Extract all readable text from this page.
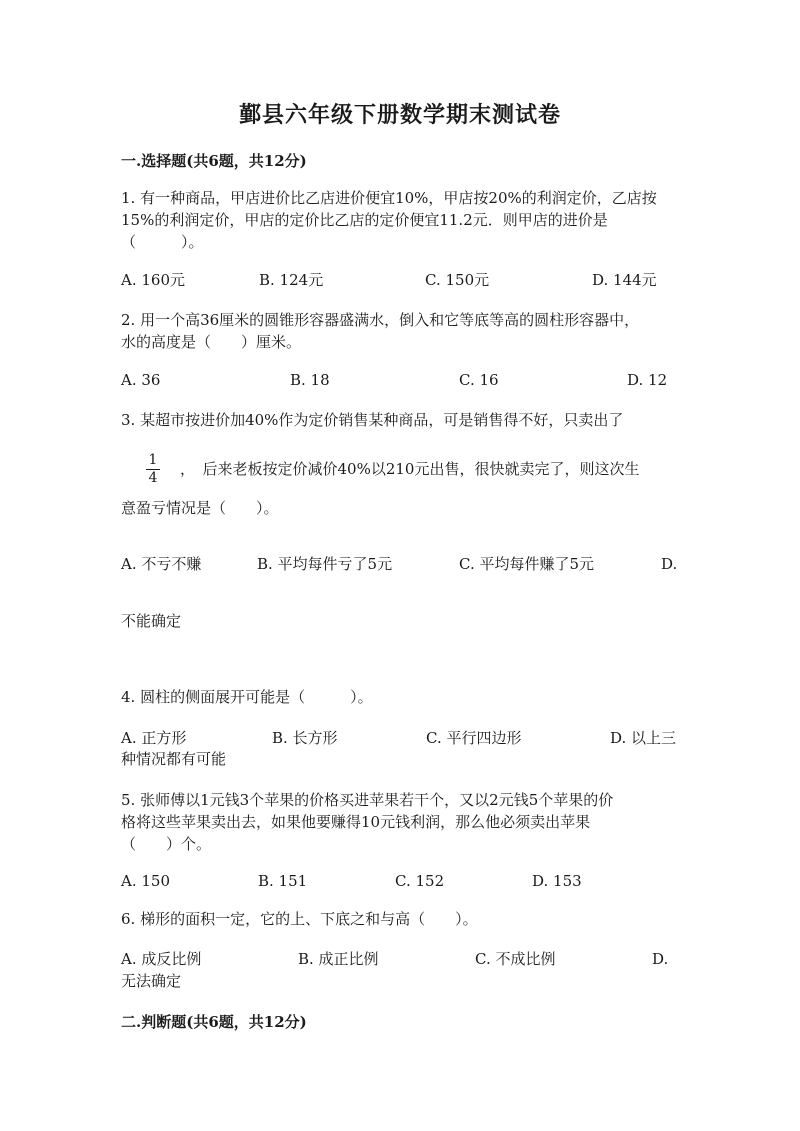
鄞县六年级下册数学期末测试卷
一.选择题(共6题，共12分)
1. 有一种商品，甲店进价比乙店进价便宜10%，甲店按20%的利润定价，乙店按
15%的利润定价，甲店的定价比乙店的定价便宜11.2元．则甲店的进价是
（　　　）。
A. 160元	B. 124元	C. 150元	D. 144元
2. 用一个高36厘米的圆锥形容器盛满水，倒入和它等底等高的圆柱形容器中，
水的高度是（　　）厘米。
A. 36	B. 18	C. 16	D. 12
3. 某超市按进价加40%作为定价销售某种商品，可是销售得不好，只卖出了
1
4	，　后来老板按定价减价40%以210元出售，很快就卖完了，则这次生
意盈亏情况是（　　）。
A. 不亏不赚	B. 平均每件亏了5元	C. 平均每件赚了5元	D.
不能确定
4. 圆柱的侧面展开可能是（　　　）。
A. 正方形	B. 长方形	C. 平行四边形	D. 以上三
种情况都有可能
5. 张师傅以1元钱3个苹果的价格买进苹果若干个，又以2元钱5个苹果的价
格将这些苹果卖出去，如果他要赚得10元钱利润，那么他必须卖出苹果
（　　）个。
A. 150	B. 151	C. 152	D. 153
6. 梯形的面积一定，它的上、下底之和与高（　　）。
A. 成反比例	B. 成正比例	C. 不成比例	D.
无法确定
二.判断题(共6题，共12分)
